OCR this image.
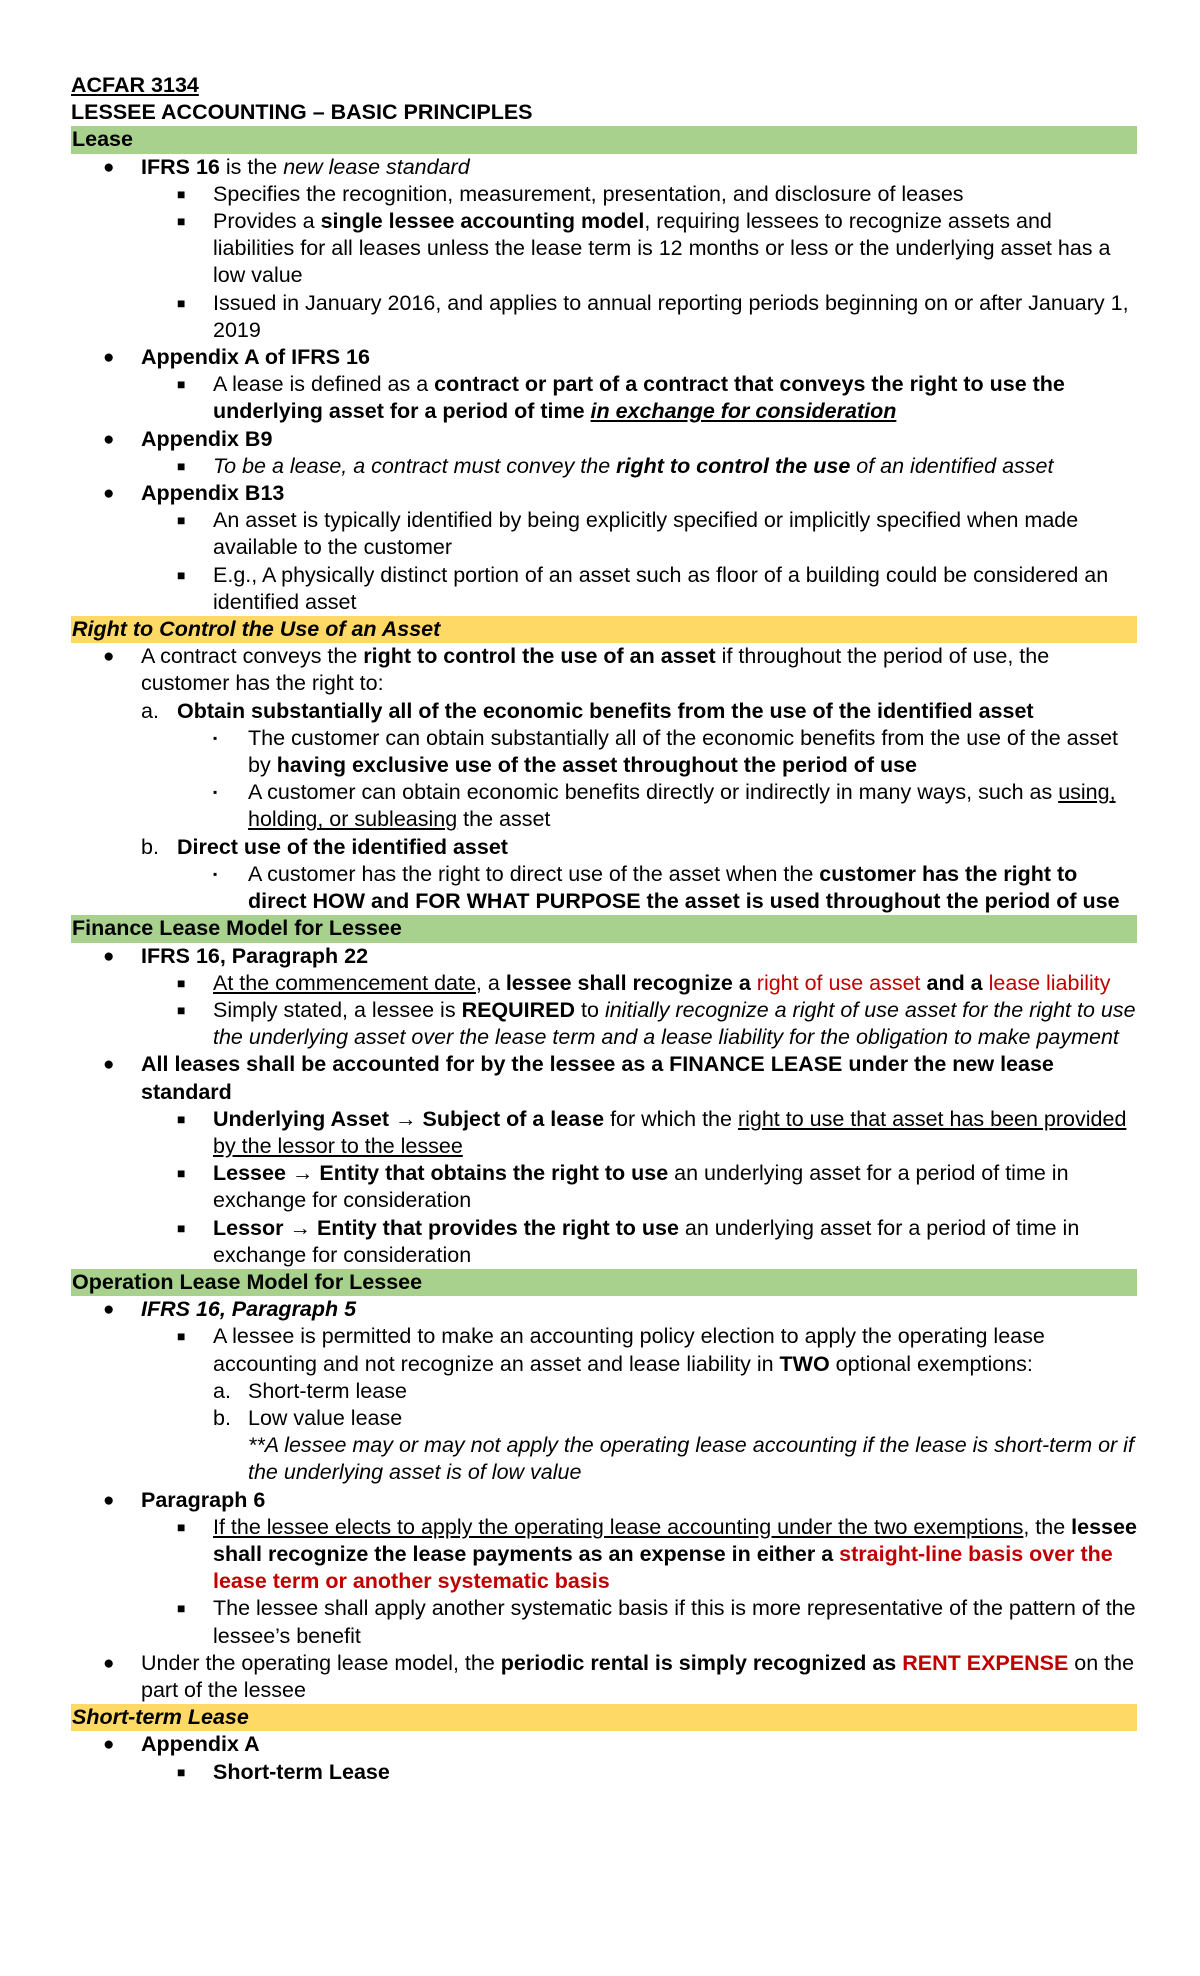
ACFAR 3134
LESSEE ACCOUNTING – BASIC PRINCIPLES
Lease
● IFRS 16 is the new lease standard
■ Specifies the recognition, measurement, presentation, and disclosure of leases
■ Provides a single lessee accounting model, requiring lessees to recognize assets and liabilities for all leases unless the lease term is 12 months or less or the underlying asset has a low value
■ Issued in January 2016, and applies to annual reporting periods beginning on or after January 1, 2019
● Appendix A of IFRS 16
■ A lease is defined as a contract or part of a contract that conveys the right to use the underlying asset for a period of time in exchange for consideration
● Appendix B9
■ To be a lease, a contract must convey the right to control the use of an identified asset
● Appendix B13
■ An asset is typically identified by being explicitly specified or implicitly specified when made available to the customer
■ E.g., A physically distinct portion of an asset such as floor of a building could be considered an identified asset
Right to Control the Use of an Asset
● A contract conveys the right to control the use of an asset if throughout the period of use, the customer has the right to:
a. Obtain substantially all of the economic benefits from the use of the identified asset
▪ The customer can obtain substantially all of the economic benefits from the use of the asset by having exclusive use of the asset throughout the period of use
▪ A customer can obtain economic benefits directly or indirectly in many ways, such as using, holding, or subleasing the asset
b. Direct use of the identified asset
▪ A customer has the right to direct use of the asset when the customer has the right to direct HOW and FOR WHAT PURPOSE the asset is used throughout the period of use
Finance Lease Model for Lessee
● IFRS 16, Paragraph 22
■ At the commencement date, a lessee shall recognize a right of use asset and a lease liability
■ Simply stated, a lessee is REQUIRED to initially recognize a right of use asset for the right to use the underlying asset over the lease term and a lease liability for the obligation to make payment
● All leases shall be accounted for by the lessee as a FINANCE LEASE under the new lease standard
■ Underlying Asset → Subject of a lease for which the right to use that asset has been provided by the lessor to the lessee
■ Lessee → Entity that obtains the right to use an underlying asset for a period of time in exchange for consideration
■ Lessor → Entity that provides the right to use an underlying asset for a period of time in exchange for consideration
Operation Lease Model for Lessee
● IFRS 16, Paragraph 5
■ A lessee is permitted to make an accounting policy election to apply the operating lease accounting and not recognize an asset and lease liability in TWO optional exemptions:
a. Short-term lease
b. Low value lease
**A lessee may or may not apply the operating lease accounting if the lease is short-term or if the underlying asset is of low value
● Paragraph 6
■ If the lessee elects to apply the operating lease accounting under the two exemptions, the lessee shall recognize the lease payments as an expense in either a straight-line basis over the lease term or another systematic basis
■ The lessee shall apply another systematic basis if this is more representative of the pattern of the lessee’s benefit
● Under the operating lease model, the periodic rental is simply recognized as RENT EXPENSE on the part of the lessee
Short-term Lease
● Appendix A
■ Short-term Lease
